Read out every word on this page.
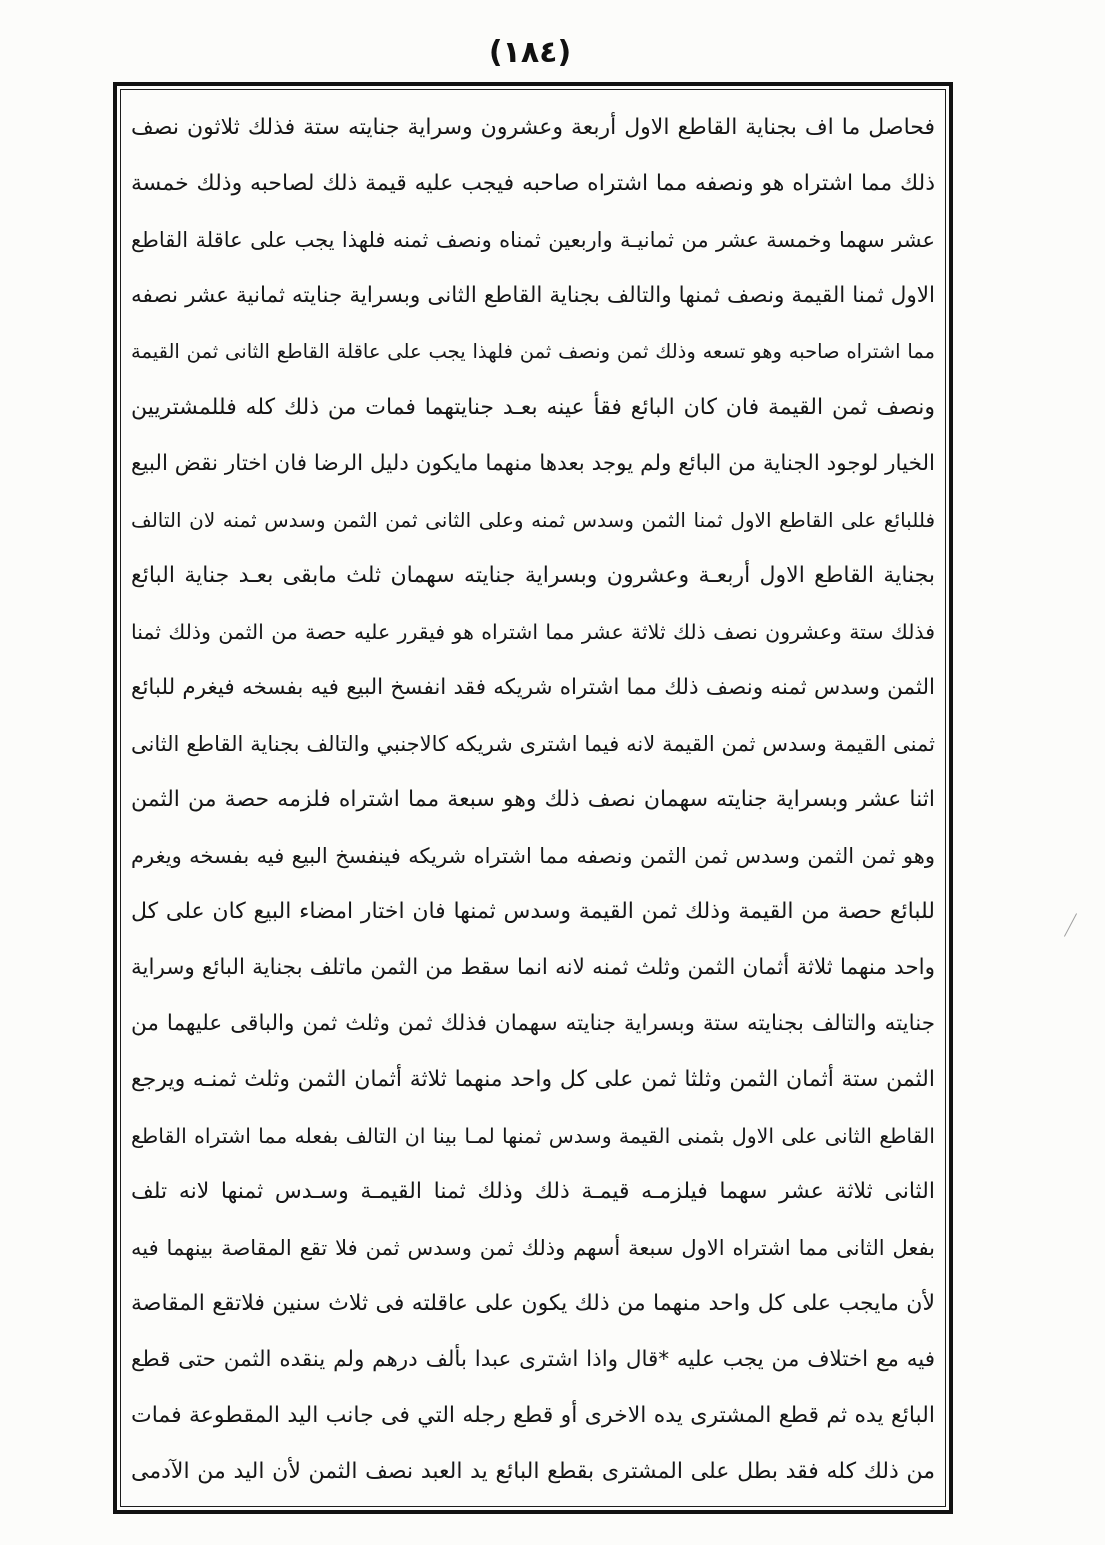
(١٨٤)
فحاصل ما اف بجناية القاطع الاول أربعة وعشرون وسراية جنايته ستة فذلك ثلاثون نصف
ذلك مما اشتراه هو ونصفه مما اشتراه صاحبه فيجب عليه قيمة ذلك لصاحبه وذلك خمسة
عشر سهما وخمسة عشر من ثمانيـة واربعين ثمناه ونصف ثمنه فلهذا يجب على عاقلة القاطع
الاول ثمنا القيمة ونصف ثمنها والتالف بجناية القاطع الثانى وبسراية جنايته ثمانية عشر نصفه
مما اشتراه صاحبه وهو تسعه وذلك ثمن ونصف ثمن فلهذا يجب على عاقلة القاطع الثانى ثمن القيمة
ونصف ثمن القيمة فان كان البائع فقأ عينه بعـد جنايتهما فمات من ذلك كله فللمشتريين
الخيار لوجود الجناية من البائع ولم يوجد بعدها منهما مايكون دليل الرضا فان اختار نقض البيع
فللبائع على القاطع الاول ثمنا الثمن وسدس ثمنه وعلى الثانى ثمن الثمن وسدس ثمنه لان التالف
بجناية القاطع الاول أربعـة وعشرون وبسراية جنايته سهمان ثلث مابقى بعـد جناية البائع
فذلك ستة وعشرون نصف ذلك ثلاثة عشر مما اشتراه هو فيقرر عليه حصة من الثمن وذلك ثمنا
الثمن وسدس ثمنه ونصف ذلك مما اشتراه شريكه فقد انفسخ البيع فيه بفسخه فيغرم للبائع
ثمنى القيمة وسدس ثمن القيمة لانه فيما اشترى شريكه كالاجنبي والتالف بجناية القاطع الثانى
اثنا عشر وبسراية جنايته سهمان نصف ذلك وهو سبعة مما اشتراه فلزمه حصة من الثمن
وهو ثمن الثمن وسدس ثمن الثمن ونصفه مما اشتراه شريكه فينفسخ البيع فيه بفسخه ويغرم
للبائع حصة من القيمة وذلك ثمن القيمة وسدس ثمنها فان اختار امضاء البيع كان على كل
واحد منهما ثلاثة أثمان الثمن وثلث ثمنه لانه انما سقط من الثمن ماتلف بجناية البائع وسراية
جنايته والتالف بجنايته ستة وبسراية جنايته سهمان فذلك ثمن وثلث ثمن والباقى عليهما من
الثمن ستة أثمان الثمن وثلثا ثمن على كل واحد منهما ثلاثة أثمان الثمن وثلث ثمنـه ويرجع
القاطع الثانى على الاول بثمنى القيمة وسدس ثمنها لمـا بينا ان التالف بفعله مما اشتراه القاطع
الثانى ثلاثة عشر سهما فيلزمـه قيمـة ذلك وذلك ثمنا القيمـة وسـدس ثمنها لانه تلف
بفعل الثانى مما اشتراه الاول سبعة أسهم وذلك ثمن وسدس ثمن فلا تقع المقاصة بينهما فيه
لأن مايجب على كل واحد منهما من ذلك يكون على عاقلته فى ثلاث سنين فلاتقع المقاصة
فيه مع اختلاف من يجب عليه *قال واذا اشترى عبدا بألف درهم ولم ينقده الثمن حتى قطع
البائع يده ثم قطع المشترى يده الاخرى أو قطع رجله التي فى جانب اليد المقطوعة فمات
من ذلك كله فقد بطل على المشترى بقطع البائع يد العبد نصف الثمن لأن اليد من الآدمى
